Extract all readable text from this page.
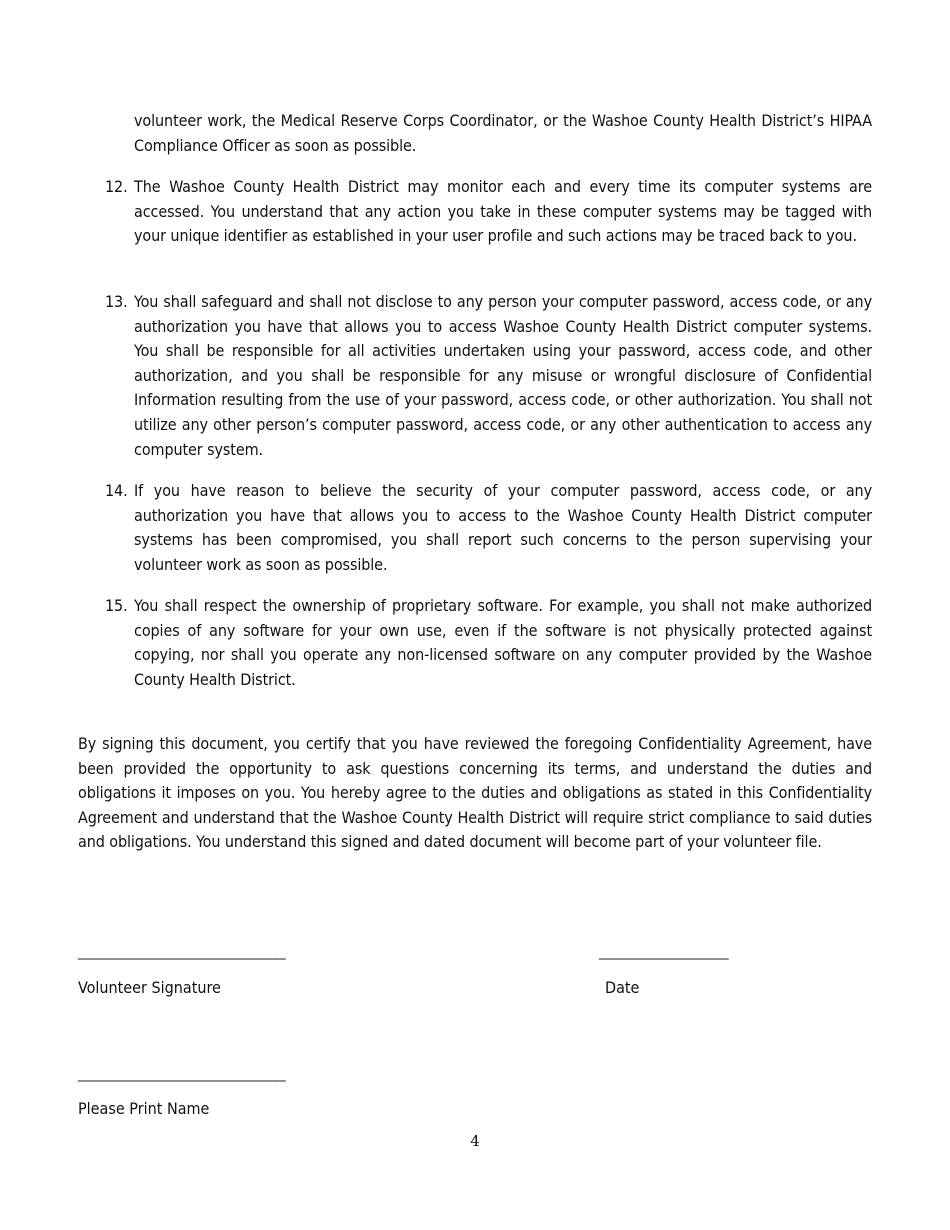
volunteer work, the Medical Reserve Corps Coordinator, or the Washoe County Health District’s HIPAA Compliance Officer as soon as possible.
12. The Washoe County Health District may monitor each and every time its computer systems are accessed. You understand that any action you take in these computer systems may be tagged with your unique identifier as established in your user profile and such actions may be traced back to you.
13. You shall safeguard and shall not disclose to any person your computer password, access code, or any authorization you have that allows you to access Washoe County Health District computer systems. You shall be responsible for all activities undertaken using your password, access code, and other authorization, and you shall be responsible for any misuse or wrongful disclosure of Confidential Information resulting from the use of your password, access code, or other authorization. You shall not utilize any other person’s computer password, access code, or any other authentication to access any computer system.
14. If you have reason to believe the security of your computer password, access code, or any authorization you have that allows you to access to the Washoe County Health District computer systems has been compromised, you shall report such concerns to the person supervising your volunteer work as soon as possible.
15. You shall respect the ownership of proprietary software. For example, you shall not make authorized copies of any software for your own use, even if the software is not physically protected against copying, nor shall you operate any non-licensed software on any computer provided by the Washoe County Health District.
By signing this document, you certify that you have reviewed the foregoing Confidentiality Agreement, have been provided the opportunity to ask questions concerning its terms, and understand the duties and obligations it imposes on you. You hereby agree to the duties and obligations as stated in this Confidentiality Agreement and understand that the Washoe County Health District will require strict compliance to said duties and obligations. You understand this signed and dated document will become part of your volunteer file.
________________________________	____________________
Volunteer Signature	Date
________________________________
Please Print Name
4
